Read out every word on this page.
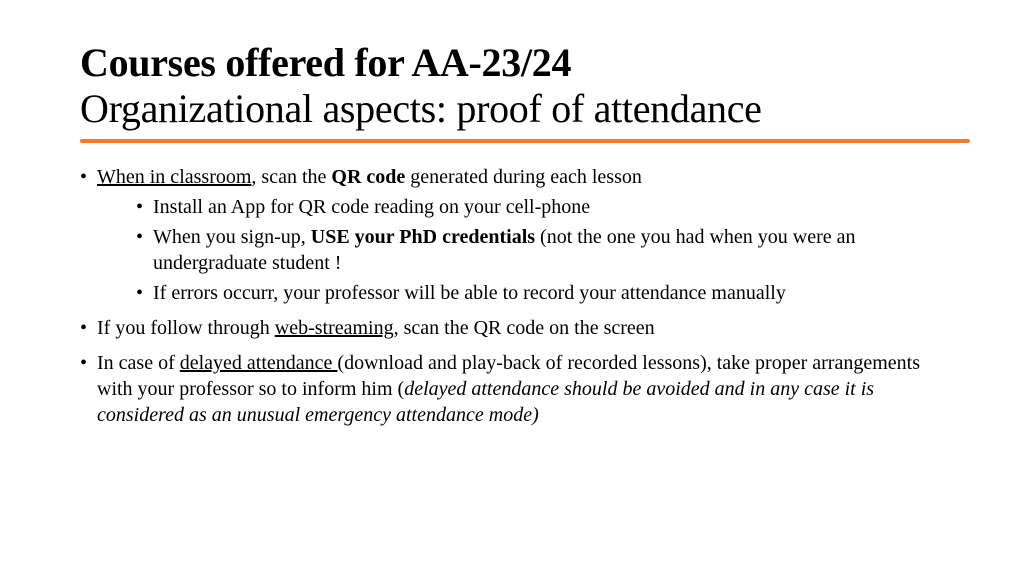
Courses offered for AA-23/24
Organizational aspects: proof of attendance
• When in classroom, scan the QR code generated during each lesson
• Install an App for QR code reading on your cell-phone
• When you sign-up, USE your PhD credentials (not the one you had when you were an undergraduate student !
• If errors occurr, your professor will be able to record your attendance manually
• If you follow through web-streaming, scan the QR code on the screen
• In case of delayed attendance (download and play-back of recorded lessons), take proper arrangements with your professor so to inform him (delayed attendance should be avoided and in any case it is considered as an unusual emergency attendance mode)
